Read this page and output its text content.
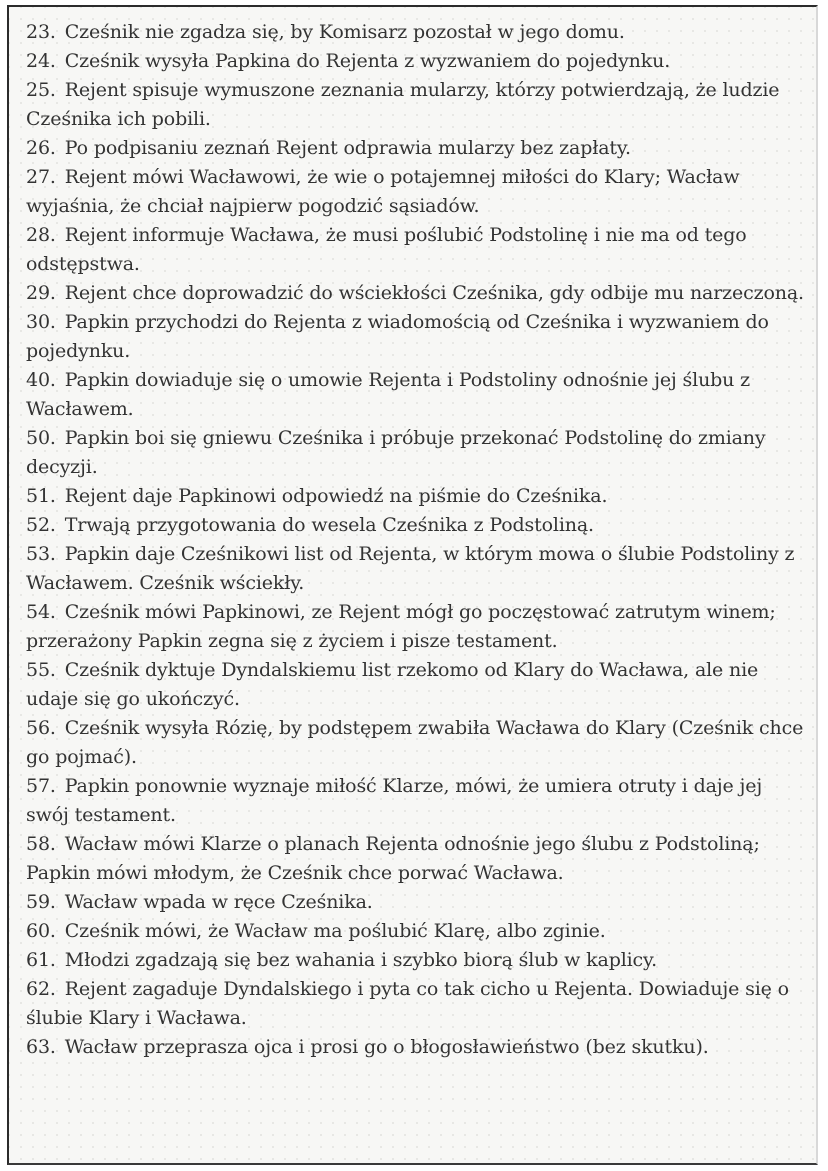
23. Cześnik nie zgadza się, by Komisarz pozostał w jego domu.
24. Cześnik wysyła Papkina do Rejenta z wyzwaniem do pojedynku.
25. Rejent spisuje wymuszone zeznania mularzy, którzy potwierdzają, że ludzie Cześnika ich pobili.
26. Po podpisaniu zeznań Rejent odprawia mularzy bez zapłaty.
27. Rejent mówi Wacławowi, że wie o potajemnej miłości do Klary; Wacław wyjaśnia, że chciał najpierw pogodzić sąsiadów.
28. Rejent informuje Wacława, że musi poślubić Podstolinę i nie ma od tego odstępstwa.
29. Rejent chce doprowadzić do wściekłości Cześnika, gdy odbije mu narzeczoną.
30. Papkin przychodzi do Rejenta z wiadomością od Cześnika i wyzwaniem do pojedynku.
40. Papkin dowiaduje się o umowie Rejenta i Podstoliny odnośnie jej ślubu z Wacławem.
50. Papkin boi się gniewu Cześnika i próbuje przekonać Podstolinę do zmiany decyzji.
51. Rejent daje Papkinowi odpowiedź na piśmie do Cześnika.
52. Trwają przygotowania do wesela Cześnika z Podstoliną.
53. Papkin daje Cześnikowi list od Rejenta, w którym mowa o ślubie Podstoliny z Wacławem. Cześnik wściekły.
54. Cześnik mówi Papkinowi, ze Rejent mógł go poczęstować zatrutym winem; przerażony Papkin zegna się z życiem i pisze testament.
55. Cześnik dyktuje Dyndalskiemu list rzekomo od Klary do Wacława, ale nie udaje się go ukończyć.
56. Cześnik wysyła Rózię, by podstępem zwabiła Wacława do Klary (Cześnik chce go pojmać).
57. Papkin ponownie wyznaje miłość Klarze, mówi, że umiera otruty i daje jej swój testament.
58. Wacław mówi Klarze o planach Rejenta odnośnie jego ślubu z Podstoliną; Papkin mówi młodym, że Cześnik chce porwać Wacława.
59. Wacław wpada w ręce Cześnika.
60. Cześnik mówi, że Wacław ma poślubić Klarę, albo zginie.
61. Młodzi zgadzają się bez wahania i szybko biorą ślub w kaplicy.
62. Rejent zagaduje Dyndalskiego i pyta co tak cicho u Rejenta. Dowiaduje się o ślubie Klary i Wacława.
63. Wacław przeprasza ojca i prosi go o błogosławieństwo (bez skutku).
